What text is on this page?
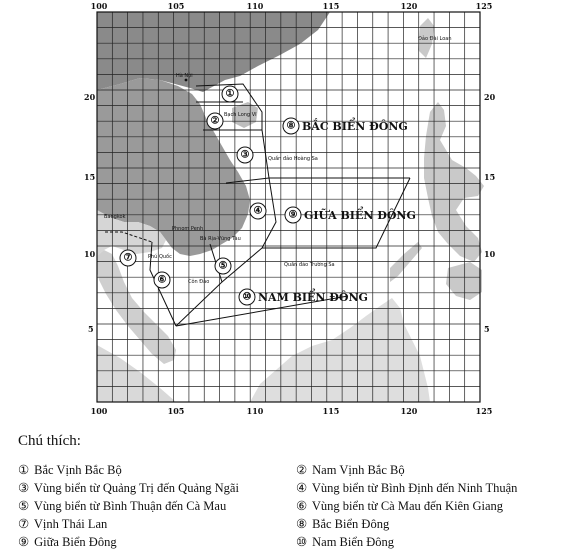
100	105	110	115	120	125
100	105	110	115	120	125
20
15
10
5
20
15
10
5
Hà Nội
Đảo Đài Loan
Bạch Long Vĩ
Quần đảo Hoàng Sa
Quần đảo Trường Sa
Phnom Penh
Bà Rịa-Vũng Tàu
Phú Quốc
Côn Đảo
Bangkok
①
②
③
④
⑤
⑥
⑦
⑧ BẮC BIỂN ĐÔNG
⑨ GIỮA BIỂN ĐÔNG
⑩ NAM BIỂN ĐÔNG
Chú thích:
① Bắc Vịnh Bắc Bộ	② Nam Vịnh Bắc Bộ
③ Vùng biển từ Quảng Trị đến Quảng Ngãi	④ Vùng biển từ Bình Định đến Ninh Thuận
⑤ Vùng biển từ Bình Thuận đến Cà Mau	⑥ Vùng biển từ Cà Mau đến Kiên Giang
⑦ Vịnh Thái Lan	⑧ Bắc Biển Đông
⑨ Giữa Biển Đông	⑩ Nam Biển Đông
